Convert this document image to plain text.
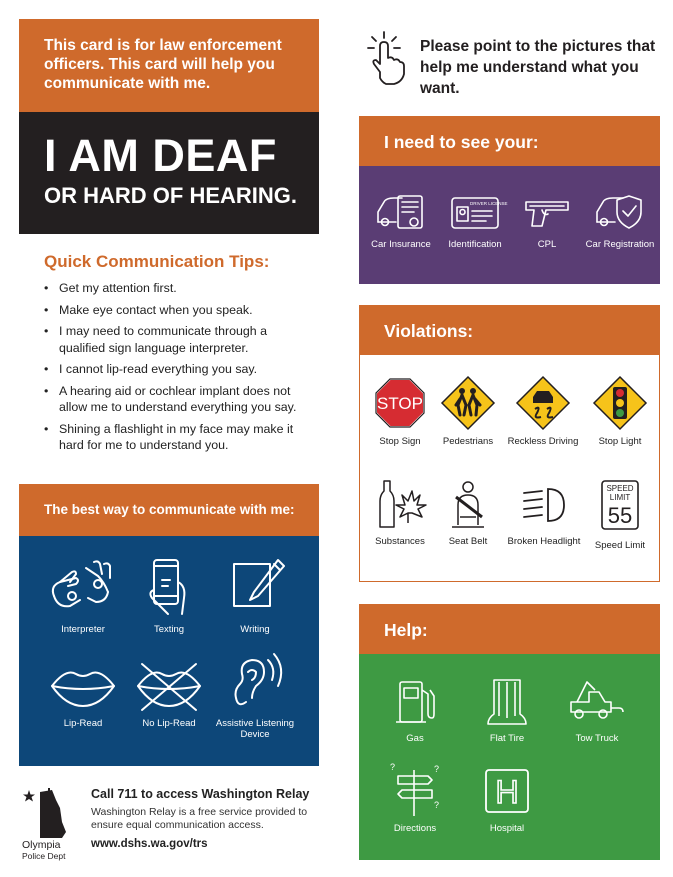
This card is for law enforcement officers. This card will help you communicate with me.
I AM DEAF
OR HARD OF HEARING.
Quick Communication Tips:
• Get my attention first.
• Make eye contact when you speak.
• I may need to communicate through a qualified sign language interpreter.
• I cannot lip-read everything you say.
• A hearing aid or cochlear implant does not allow me to understand everything you say.
• Shining a flashlight in my face may make it hard for me to understand you.
The best way to communicate with me:
Interpreter	Texting	Writing
Lip-Read	No Lip-Read	Assistive Listening Device
Olympia
Police Dept
Call 711 to access Washington Relay
Washington Relay is a free service provided to ensure equal communication access.
www.dshs.wa.gov/trs
Please point to the pictures that help me understand what you want.
I need to see your:
Car Insurance
DRIVER LICENSE
Identification	CPL	Car Registration
Violations:
STOP
Stop Sign	Pedestrians	Reckless Driving	Stop Light
Substances	Seat Belt	Broken Headlight
SPEED
LIMIT
55
Speed Limit
Help:
Gas	Flat Tire	Tow Truck
?	?
?
Directions
H
Hospital
